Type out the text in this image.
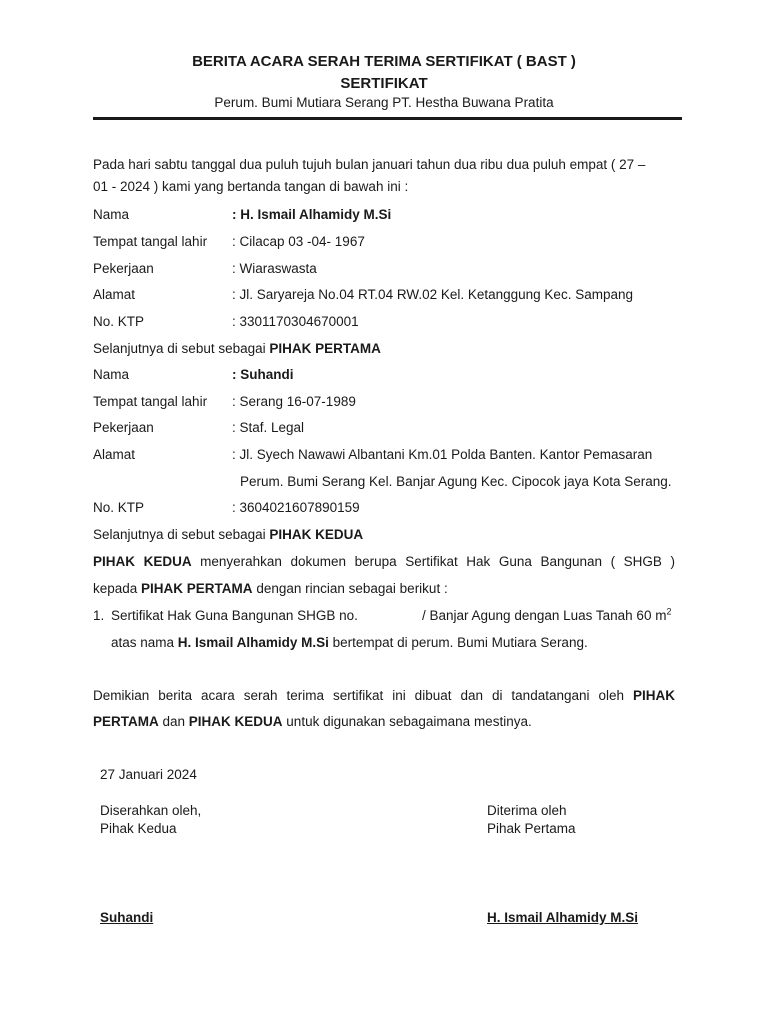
BERITA ACARA SERAH TERIMA SERTIFIKAT ( BAST )
SERTIFIKAT
Perum. Bumi Mutiara Serang PT. Hestha Buwana Pratita
Pada hari sabtu tanggal dua puluh tujuh bulan januari tahun dua ribu dua puluh empat ( 27 –
01 - 2024 ) kami yang bertanda tangan di bawah ini :
Nama	: H. Ismail Alhamidy M.Si
Tempat tangal lahir : Cilacap 03 -04- 1967
Pekerjaan	: Wiaraswasta
Alamat	: Jl. Saryareja No.04 RT.04 RW.02 Kel. Ketanggung Kec. Sampang
No. KTP	: 3301170304670001
Selanjutnya di sebut sebagai PIHAK PERTAMA
Nama	: Suhandi
Tempat tangal lahir : Serang 16-07-1989
Pekerjaan	: Staf. Legal
Alamat	: Jl. Syech Nawawi Albantani Km.01 Polda Banten. Kantor Pemasaran
Perum. Bumi Serang Kel. Banjar Agung Kec. Cipocok jaya Kota Serang.
No. KTP	: 3604021607890159
Selanjutnya di sebut sebagai PIHAK KEDUA
PIHAK KEDUA menyerahkan dokumen berupa Sertifikat Hak Guna Bangunan ( SHGB )
kepada PIHAK PERTAMA dengan rincian sebagai berikut :
1. Sertifikat Hak Guna Bangunan SHGB no.	/ Banjar Agung dengan Luas Tanah 60 $m^2$
atas nama H. Ismail Alhamidy M.Si bertempat di perum. Bumi Mutiara Serang.
Demikian berita acara serah terima sertifikat ini dibuat dan di tandatangani oleh PIHAK
PERTAMA dan PIHAK KEDUA untuk digunakan sebagaimana mestinya.
27 Januari 2024
Diserahkan oleh,
Pihak Kedua
Suhandi
Diterima oleh
Pihak Pertama
H. Ismail Alhamidy M.Si
